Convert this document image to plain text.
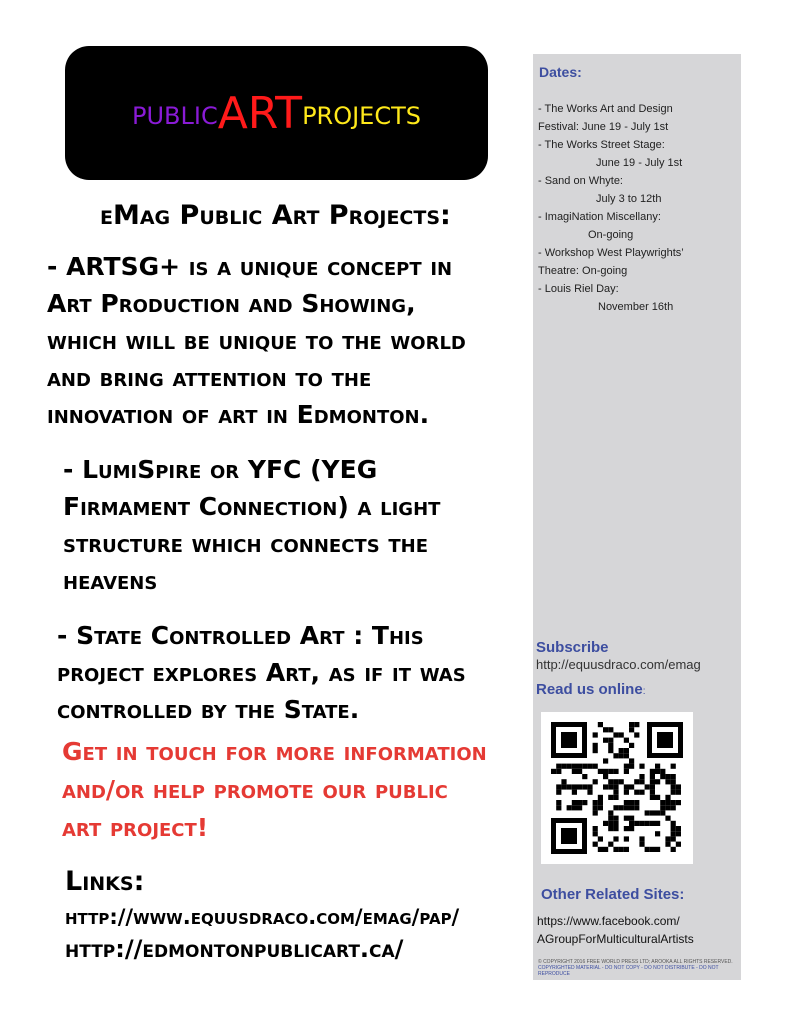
public ART projects
eMag Public Art Projects:

- ARTSG+ is a unique concept in
Art Production and Showing,
which will be unique to the world
and bring attention to the
innovation of art in Edmonton.

- LumiSpire or YFC (YEG
Firmament Connection) a light
structure which connects the
heavens

- State Controlled Art : This
project explores Art, as if it was
controlled by the State.

Get in touch for more information
and/or help promote our public
art project!

Links:

http://www.equusdraco.com/emag/pap/

http://edmontonpublicart.ca/

Dates:

- The Works Art and Design

Festival: June 19 - July 1st

- The Works Street Stage:

June 19 - July 1st

- Sand on Whyte:

July 3 to 12th

- ImagiNation Miscellany:

On-going

- Workshop West Playwrights’

Theatre: On-going

- Louis Riel Day:

November 16th

Subscribe

http://equusdraco.com/emag

Read us online:

Other Related Sites:

https://www.facebook.com/
AGroupForMulticulturalArtists

© COPYRIGHT 2016 FREE WORLD PRESS LTD; AROOKA ALL RIGHTS RESERVED.
COPYRIGHTED MATERIAL - DO NOT COPY - DO NOT DISTRIBUTE - DO NOT REPRODUCE
